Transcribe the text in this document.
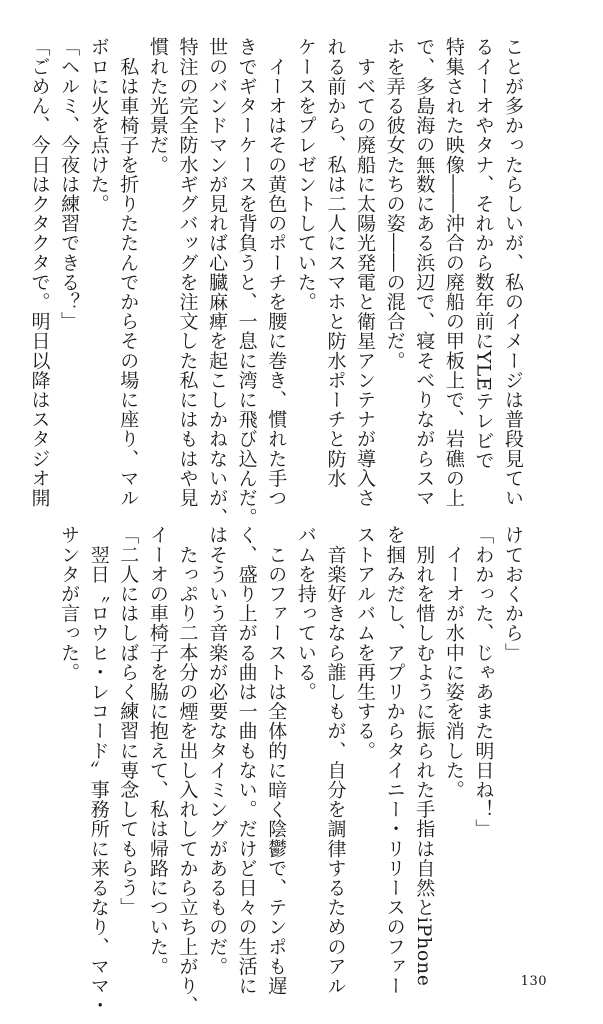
ことが多かったらしいが、私のイメージは普段見てい

るイーオやタナ、それから数年前にYLEテレビで

特集された映像――沖合の廃船の甲板上で、岩礁の上

で、多島海の無数にある浜辺で、寝そべりながらスマ

ホを弄る彼女たちの姿――の混合だ。

　すべての廃船に太陽光発電と衛星アンテナが導入さ

れる前から、私は二人にスマホと防水ポーチと防水

ケースをプレゼントしていた。

　イーオはその黄色のポーチを腰に巻き、慣れた手つ

きでギターケースを背負うと、一息に湾に飛び込んだ。

世のバンドマンが見れば心臓麻痺を起こしかねないが、

特注の完全防水ギグバッグを注文した私にはもはや見

慣れた光景だ。

　私は車椅子を折りたたんでからその場に座り、マル

ボロに火を点けた。

「ヘルミ、今夜は練習できる？」

「ごめん、今日はクタクタで。明日以降はスタジオ開

けておくから」

「わかった、じゃあまた明日ね！」

　イーオが水中に姿を消した。

　別れを惜しむように振られた手指は自然とiPhone

を掴みだし、アプリからタイニー・リリースのファー

ストアルバムを再生する。

　音楽好きなら誰しもが、自分を調律するためのアル

バムを持っている。

　このファーストは全体的に暗く陰鬱で、テンポも遅

く、盛り上がる曲は一曲もない。だけど日々の生活に

はそういう音楽が必要なタイミングがあるものだ。

　たっぷり二本分の煙を出し入れしてから立ち上がり、

イーオの車椅子を脇に抱えて、私は帰路についた。

「二人にはしばらく練習に専念してもらう」

　翌日〝ロウヒ・レコード〟事務所に来るなり、ママ・

サンタが言った。

130
